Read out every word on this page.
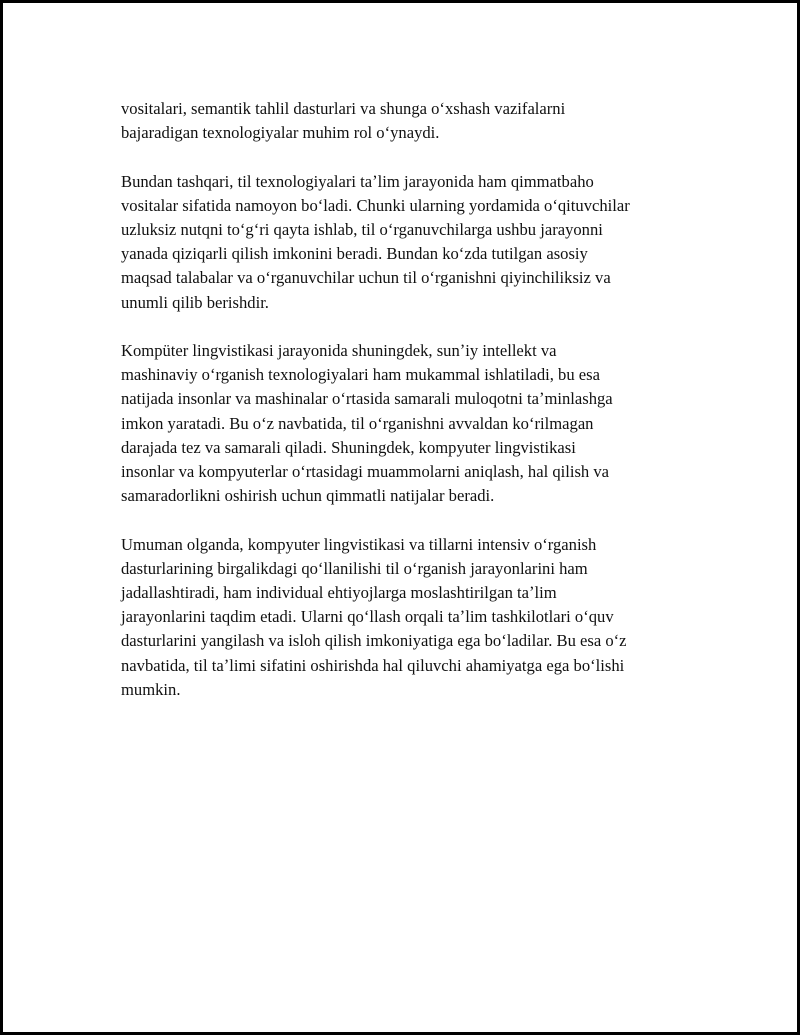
vositalari, semantik tahlil dasturlari va shunga oʻxshash vazifalarni
bajaradigan texnologiyalar muhim rol oʻynaydi.

Bundan tashqari, til texnologiyalari taʼlim jarayonida ham qimmatbaho
vositalar sifatida namoyon boʻladi. Chunki ularning yordamida oʻqituvchilar
uzluksiz nutqni toʻgʻri qayta ishlab, til oʻrganuvchilarga ushbu jarayonni
yanada qiziqarli qilish imkonini beradi. Bundan koʻzda tutilgan asosiy
maqsad talabalar va oʻrganuvchilar uchun til oʻrganishni qiyinchiliksiz va
unumli qilib berishdir.

Kompüter lingvistikasi jarayonida shuningdek, sunʼiy intellekt va
mashinaviy oʻrganish texnologiyalari ham mukammal ishlatiladi, bu esa
natijada insonlar va mashinalar oʻrtasida samarali muloqotni taʼminlashga
imkon yaratadi. Bu oʻz navbatida, til oʻrganishni avvaldan koʻrilmagan
darajada tez va samarali qiladi. Shuningdek, kompyuter lingvistikasi
insonlar va kompyuterlar oʻrtasidagi muammolarni aniqlash, hal qilish va
samaradorlikni oshirish uchun qimmatli natijalar beradi.

Umuman olganda, kompyuter lingvistikasi va tillarni intensiv oʻrganish
dasturlarining birgalikdagi qoʻllanilishi til oʻrganish jarayonlarini ham
jadallashtiradi, ham individual ehtiyojlarga moslashtirilgan taʼlim
jarayonlarini taqdim etadi. Ularni qoʻllash orqali taʼlim tashkilotlari oʻquv
dasturlarini yangilash va isloh qilish imkoniyatiga ega boʻladilar. Bu esa oʻz
navbatida, til taʼlimi sifatini oshirishda hal qiluvchi ahamiyatga ega boʻlishi
mumkin.
